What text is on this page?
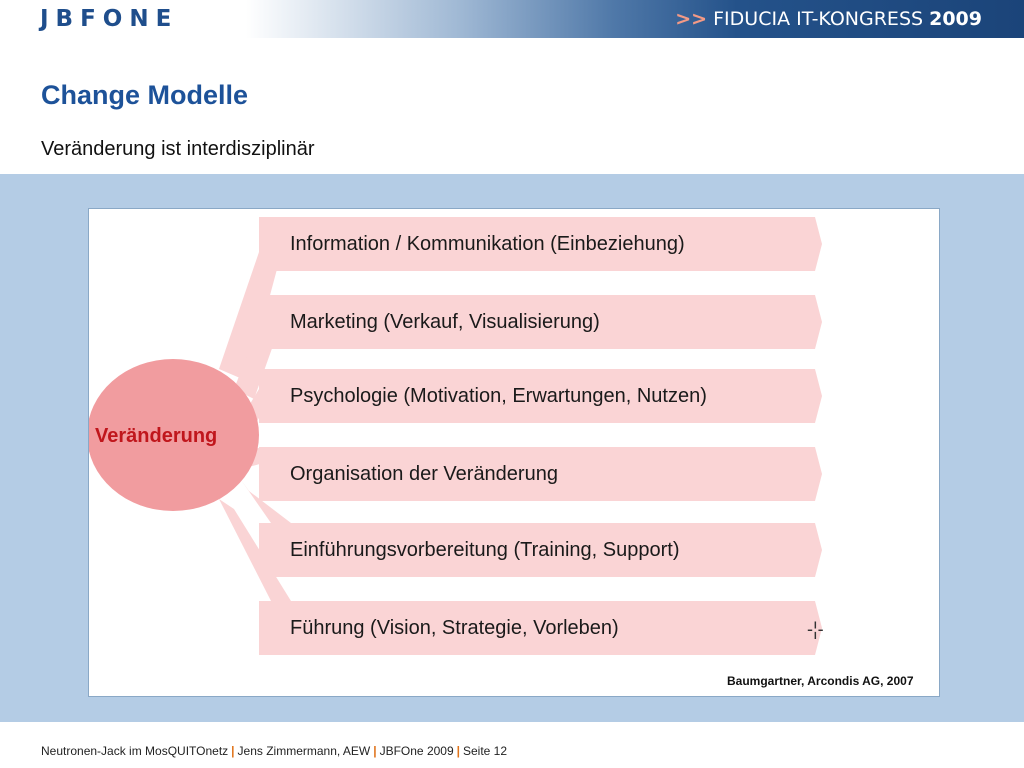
JBFONE	>> FIDUCIA IT-KONGRESS 2009
Change Modelle
Veränderung ist interdisziplinär
Veränderung
Information / Kommunikation (Einbeziehung)
Marketing (Verkauf, Visualisierung)
Psychologie (Motivation, Erwartungen, Nutzen)
Organisation der Veränderung
Einführungsvorbereitung (Training, Support)
Führung (Vision, Strategie, Vorleben)	-¦-
Baumgartner, Arcondis AG, 2007
Neutronen-Jack im MosQUITOnetz | Jens Zimmermann, AEW | JBFOne 2009 | Seite 12
